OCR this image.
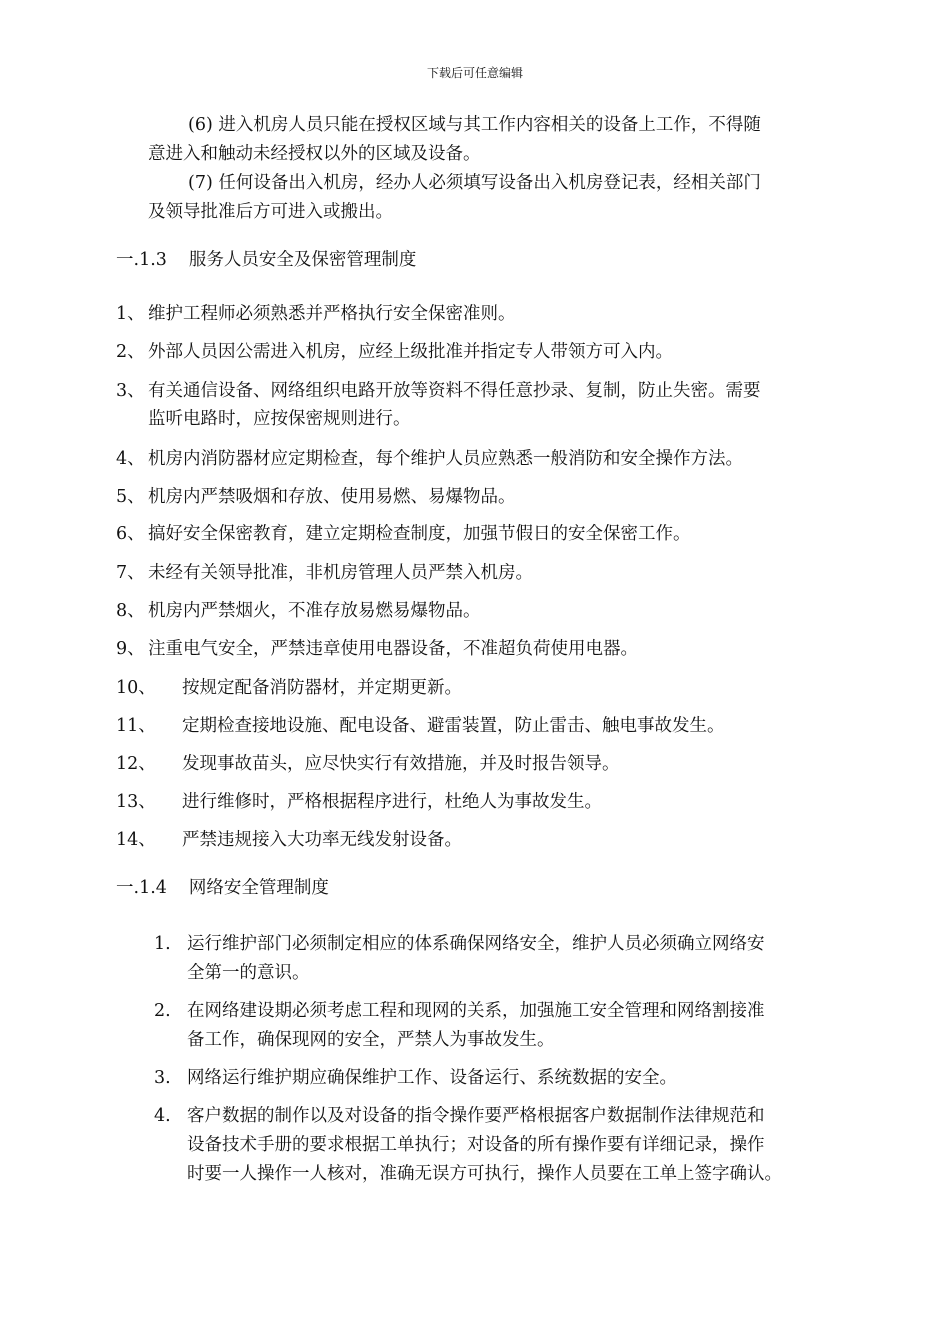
下载后可任意编辑
(6) 进入机房人员只能在授权区域与其工作内容相关的设备上工作，不得随
意进入和触动未经授权以外的区域及设备。
(7) 任何设备出入机房，经办人必须填写设备出入机房登记表，经相关部门
及领导批准后方可进入或搬出。
一.1.3 服务人员安全及保密管理制度
1、 维护工程师必须熟悉并严格执行安全保密准则。
2、 外部人员因公需进入机房，应经上级批准并指定专人带领方可入内。
3、 有关通信设备、网络组织电路开放等资料不得任意抄录、复制，防止失密。需要
监听电路时，应按保密规则进行。
4、 机房内消防器材应定期检查，每个维护人员应熟悉一般消防和安全操作方法。
5、 机房内严禁吸烟和存放、使用易燃、易爆物品。
6、 搞好安全保密教育，建立定期检查制度，加强节假日的安全保密工作。
7、 未经有关领导批准，非机房管理人员严禁入机房。
8、 机房内严禁烟火，不准存放易燃易爆物品。
9、 注重电气安全，严禁违章使用电器设备，不准超负荷使用电器。
10、 按规定配备消防器材，并定期更新。
11、 定期检查接地设施、配电设备、避雷装置，防止雷击、触电事故发生。
12、 发现事故苗头，应尽快实行有效措施，并及时报告领导。
13、 进行维修时，严格根据程序进行，杜绝人为事故发生。
14、 严禁违规接入大功率无线发射设备。
一.1.4 网络安全管理制度
1. 运行维护部门必须制定相应的体系确保网络安全，维护人员必须确立网络安
全第一的意识。
2. 在网络建设期必须考虑工程和现网的关系，加强施工安全管理和网络割接准
备工作，确保现网的安全，严禁人为事故发生。
3. 网络运行维护期应确保维护工作、设备运行、系统数据的安全。
4. 客户数据的制作以及对设备的指令操作要严格根据客户数据制作法律规范和
设备技术手册的要求根据工单执行；对设备的所有操作要有详细记录，操作
时要一人操作一人核对，准确无误方可执行，操作人员要在工单上签字确认。
